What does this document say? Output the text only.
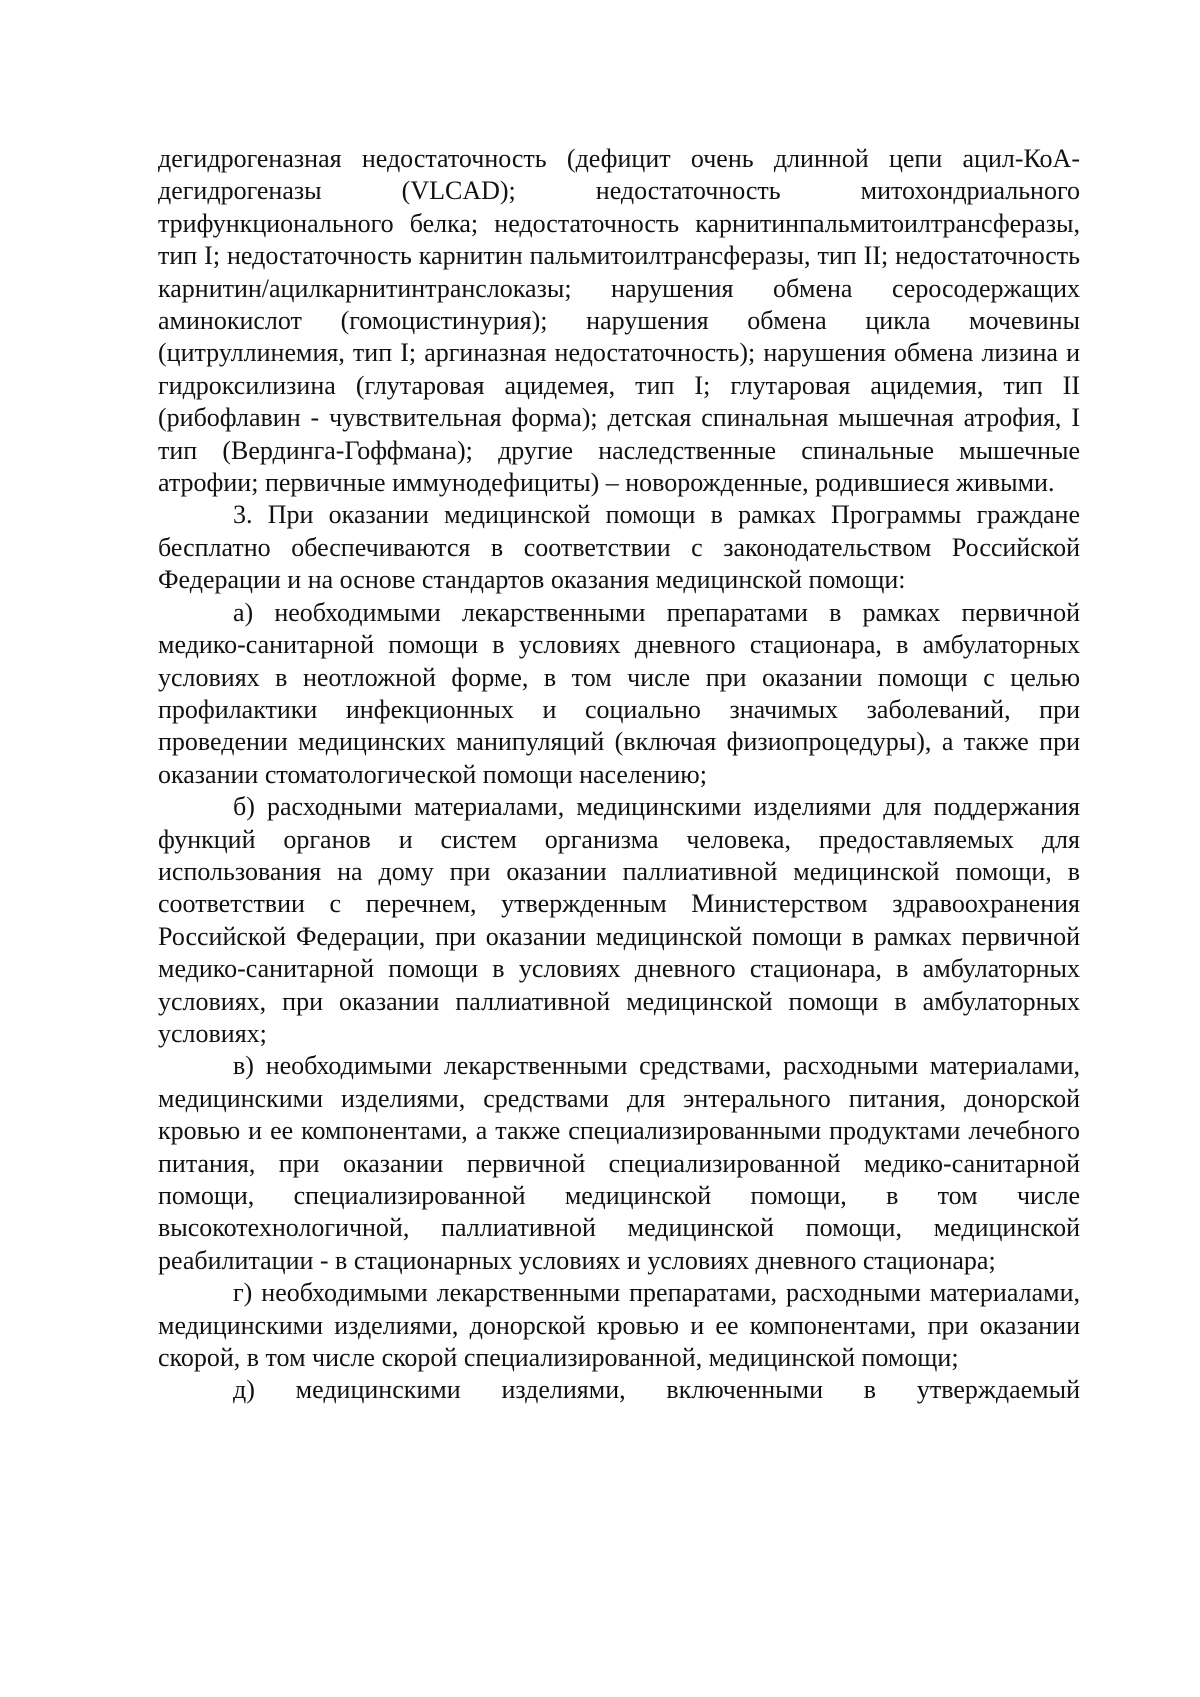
дегидрогеназная недостаточность (дефицит очень длинной цепи ацил-КоА-дегидрогеназы (VLCAD); недостаточность митохондриального трифункционального белка; недостаточность карнитинпальмитоилтрансферазы, тип I; недостаточность карнитин пальмитоилтрансферазы, тип II; недостаточность карнитин/ацилкарнитинтранслоказы; нарушения обмена серосодержащих аминокислот (гомоцистинурия); нарушения обмена цикла мочевины (цитруллинемия, тип I; аргиназная недостаточность); нарушения обмена лизина и гидроксилизина (глутаровая ацидемея, тип I; глутаровая ацидемия, тип II (рибофлавин - чувствительная форма); детская спинальная мышечная атрофия, I тип (Вердинга-Гоффмана); другие наследственные спинальные мышечные атрофии; первичные иммунодефициты) – новорожденные, родившиеся живыми.

3. При оказании медицинской помощи в рамках Программы граждане бесплатно обеспечиваются в соответствии с законодательством Российской Федерации и на основе стандартов оказания медицинской помощи:

а) необходимыми лекарственными препаратами в рамках первичной медико-санитарной помощи в условиях дневного стационара, в амбулаторных условиях в неотложной форме, в том числе при оказании помощи с целью профилактики инфекционных и социально значимых заболеваний, при проведении медицинских манипуляций (включая физиопроцедуры), а также при оказании стоматологической помощи населению;

б) расходными материалами, медицинскими изделиями для поддержания функций органов и систем организма человека, предоставляемых для использования на дому при оказании паллиативной медицинской помощи, в соответствии с перечнем, утвержденным Министерством здравоохранения Российской Федерации, при оказании медицинской помощи в рамках первичной медико-санитарной помощи в условиях дневного стационара, в амбулаторных условиях, при оказании паллиативной медицинской помощи в амбулаторных условиях;

в) необходимыми лекарственными средствами, расходными материалами, медицинскими изделиями, средствами для энтерального питания, донорской кровью и ее компонентами, а также специализированными продуктами лечебного питания, при оказании первичной специализированной медико-санитарной помощи, специализированной медицинской помощи, в том числе высокотехнологичной, паллиативной медицинской помощи, медицинской реабилитации - в стационарных условиях и условиях дневного стационара;

г) необходимыми лекарственными препаратами, расходными материалами, медицинскими изделиями, донорской кровью и ее компонентами, при оказании скорой, в том числе скорой специализированной, медицинской помощи;

д) медицинскими изделиями, включенными в утверждаемый
